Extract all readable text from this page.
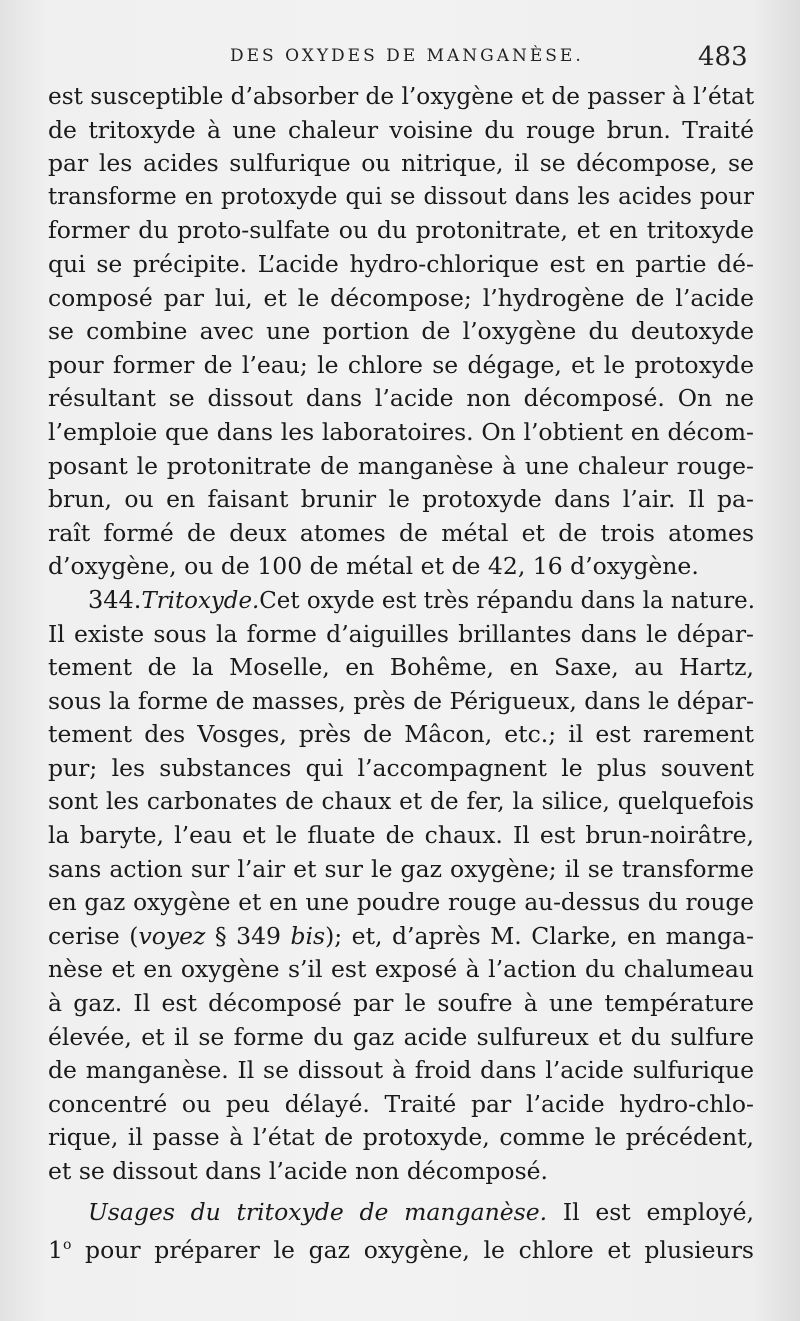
DES OXYDES DE MANGANÈSE.	483
est susceptible d’absorber de l’oxygène et de passer à l’état
de tritoxyde à une chaleur voisine du rouge brun. Traité
par les acides sulfurique ou nitrique, il se décompose, se
transforme en protoxyde qui se dissout dans les acides pour
former du proto-sulfate ou du protonitrate, et en tritoxyde
qui se précipite. L’acide hydro-chlorique est en partie dé-
composé par lui, et le décompose; l’hydrogène de l’acide
se combine avec une portion de l’oxygène du deutoxyde
pour former de l’eau; le chlore se dégage, et le protoxyde
résultant se dissout dans l’acide non décomposé. On ne
l’emploie que dans les laboratoires. On l’obtient en décom-
posant le protonitrate de manganèse à une chaleur rouge-
brun, ou en faisant brunir le protoxyde dans l’air. Il pa-
raît formé de deux atomes de métal et de trois atomes
d’oxygène, ou de 100 de métal et de 42, 16 d’oxygène.
344.Tritoxyde.Cet oxyde est très répandu dans la nature.
Il existe sous la forme d’aiguilles brillantes dans le dépar-
tement de la Moselle, en Bohême, en Saxe, au Hartz,
sous la forme de masses, près de Périgueux, dans le dépar-
tement des Vosges, près de Mâcon, etc.; il est rarement
pur; les substances qui l’accompagnent le plus souvent
sont les carbonates de chaux et de fer, la silice, quelquefois
la baryte, l’eau et le fluate de chaux. Il est brun-noirâtre,
sans action sur l’air et sur le gaz oxygène; il se transforme
en gaz oxygène et en une poudre rouge au-dessus du rouge
cerise (voyez § 349 bis); et, d’après M. Clarke, en manga-
nèse et en oxygène s’il est exposé à l’action du chalumeau
à gaz. Il est décomposé par le soufre à une température
élevée, et il se forme du gaz acide sulfureux et du sulfure
de manganèse. Il se dissout à froid dans l’acide sulfurique
concentré ou peu délayé. Traité par l’acide hydro-chlo-
rique, il passe à l’état de protoxyde, comme le précédent,
et se dissout dans l’acide non décomposé.
Usages du tritoxyde de manganèse. Il est employé,
1$^o$ pour préparer le gaz oxygène, le chlore et plusieurs
